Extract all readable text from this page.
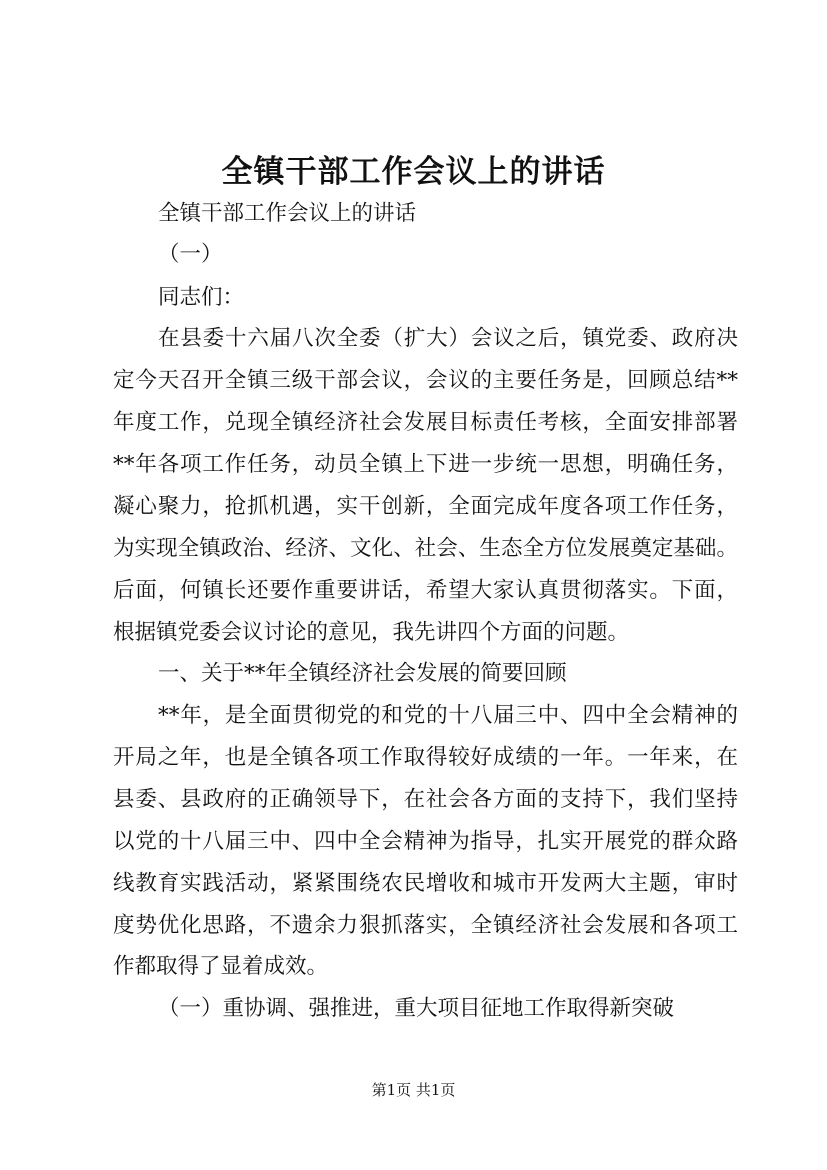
全镇干部工作会议上的讲话
全镇干部工作会议上的讲话
（一）
同志们：
在县委十六届八次全委（扩大）会议之后，镇党委、政府决
定今天召开全镇三级干部会议，会议的主要任务是，回顾总结**
年度工作，兑现全镇经济社会发展目标责任考核，全面安排部署
**年各项工作任务，动员全镇上下进一步统一思想，明确任务，
凝心聚力，抢抓机遇，实干创新，全面完成年度各项工作任务，
为实现全镇政治、经济、文化、社会、生态全方位发展奠定基础。
后面，何镇长还要作重要讲话，希望大家认真贯彻落实。下面，
根据镇党委会议讨论的意见，我先讲四个方面的问题。
一、关于**年全镇经济社会发展的简要回顾
**年，是全面贯彻党的和党的十八届三中、四中全会精神的
开局之年，也是全镇各项工作取得较好成绩的一年。一年来，在
县委、县政府的正确领导下，在社会各方面的支持下，我们坚持
以党的十八届三中、四中全会精神为指导，扎实开展党的群众路
线教育实践活动，紧紧围绕农民增收和城市开发两大主题，审时
度势优化思路，不遗余力狠抓落实，全镇经济社会发展和各项工
作都取得了显着成效。
（一）重协调、强推进，重大项目征地工作取得新突破
第1页 共1页
